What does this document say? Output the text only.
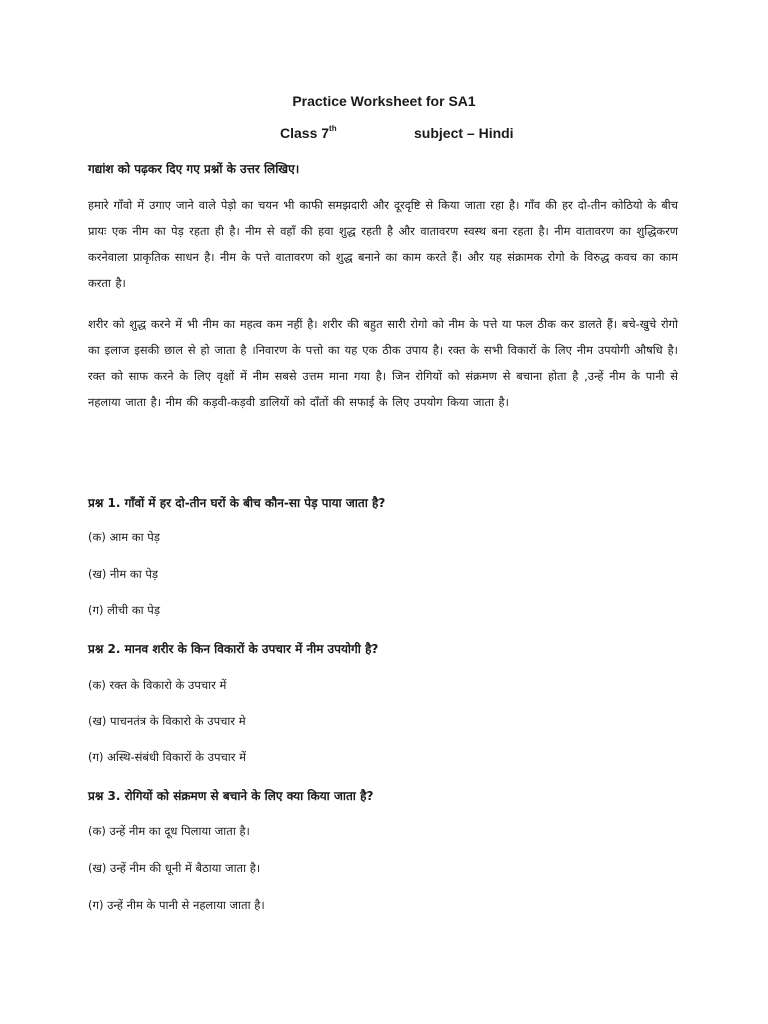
Practice Worksheet for SA1
Class 7th	subject – Hindi
गद्यांश को पढ़कर दिए गए प्रश्नों के उत्तर लिखिए।

हमारे गाँवो में उगाए जाने वाले पेड़ो का चयन भी काफी समझदारी और दूरदृष्टि से किया जाता रहा है। गाँव की हर दो-तीन कोठियो के बीच प्रायः एक नीम का पेड़ रहता ही है। नीम से वहाँ की हवा शुद्ध रहती है और वातावरण स्वस्थ बना रहता है। नीम वातावरण का शुद्धिकरण करनेवाला प्राकृतिक साधन है। नीम के पत्ते वातावरण को शुद्ध बनाने का काम करते हैं। और यह संक्रामक रोगो के विरुद्ध कवच का काम करता है।

शरीर को शुद्ध करने में भी नीम का महत्व कम नहीं है। शरीर की बहुत सारी रोगो को नीम के पत्ते या फल ठीक कर डालते हैं। बचे-खुचे रोगो का इलाज इसकी छाल से हो जाता है ।निवारण के पत्तो का यह एक ठीक उपाय है। रक्त के सभी विकारों के लिए नीम उपयोगी औषधि है। रक्त को साफ करने के लिए वृक्षों में नीम सबसे उत्तम माना गया है। जिन रोगियों को संक्रमण से बचाना होता है ,उन्हें नीम के पानी से नहलाया जाता है। नीम की कड़वी-कड़वी डालियों को दाँतों की सफाई के लिए उपयोग किया जाता है।

प्रश्न 1. गाँवों में हर दो-तीन घरों के बीच कौन-सा पेड़ पाया जाता है?
(क) आम का पेड़
(ख) नीम का पेड़
(ग) लीची का पेड़
प्रश्न 2. मानव शरीर के किन विकारों के उपचार में नीम उपयोगी है?
(क) रक्त के विकारो के उपचार में
(ख) पाचनतंत्र के विकारो के उपचार मे
(ग) अस्थि-संबंधी विकारों के उपचार में
प्रश्न 3. रोगियों को संक्रमण से बचाने के लिए क्या किया जाता है?
(क) उन्हें नीम का दूध पिलाया जाता है।
(ख) उन्हें नीम की धूनी में बैठाया जाता है।
(ग) उन्हें नीम के पानी से नहलाया जाता है।
